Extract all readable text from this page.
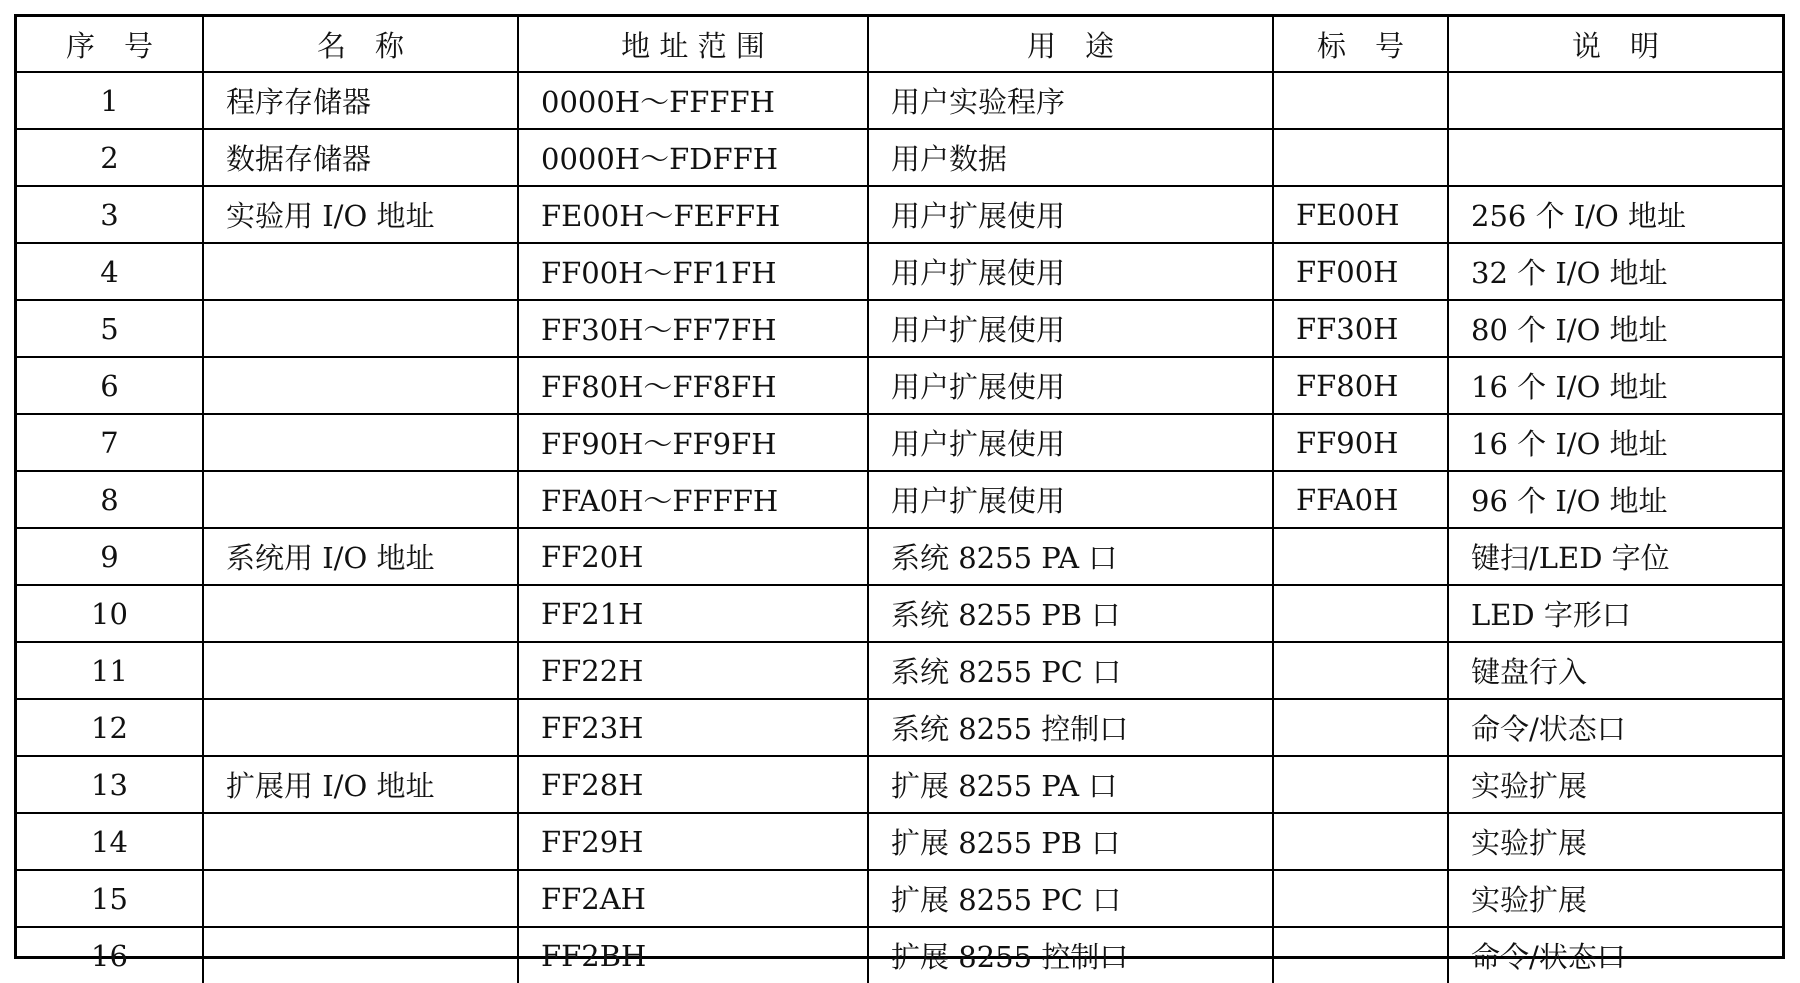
序　号	名　称	地 址 范 围	用　途	标　号	说　明
1	程序存储器	0000H～FFFFH	用户实验程序		
2	数据存储器	0000H～FDFFH	用户数据		
3	实验用 I/O 地址	FE00H～FEFFH	用户扩展使用	FE00H	256 个 I/O 地址
4		FF00H～FF1FH	用户扩展使用	FF00H	32 个 I/O 地址
5		FF30H～FF7FH	用户扩展使用	FF30H	80 个 I/O 地址
6		FF80H～FF8FH	用户扩展使用	FF80H	16 个 I/O 地址
7		FF90H～FF9FH	用户扩展使用	FF90H	16 个 I/O 地址
8		FFA0H～FFFFH	用户扩展使用	FFA0H	96 个 I/O 地址
9	系统用 I/O 地址	FF20H	系统 8255 PA 口		键扫/LED 字位
10		FF21H	系统 8255 PB 口		LED 字形口
11		FF22H	系统 8255 PC 口		键盘行入
12		FF23H	系统 8255 控制口		命令/状态口
13	扩展用 I/O 地址	FF28H	扩展 8255 PA 口		实验扩展
14		FF29H	扩展 8255 PB 口		实验扩展
15		FF2AH	扩展 8255 PC 口		实验扩展
16		FF2BH	扩展 8255 控制口		命令/状态口
